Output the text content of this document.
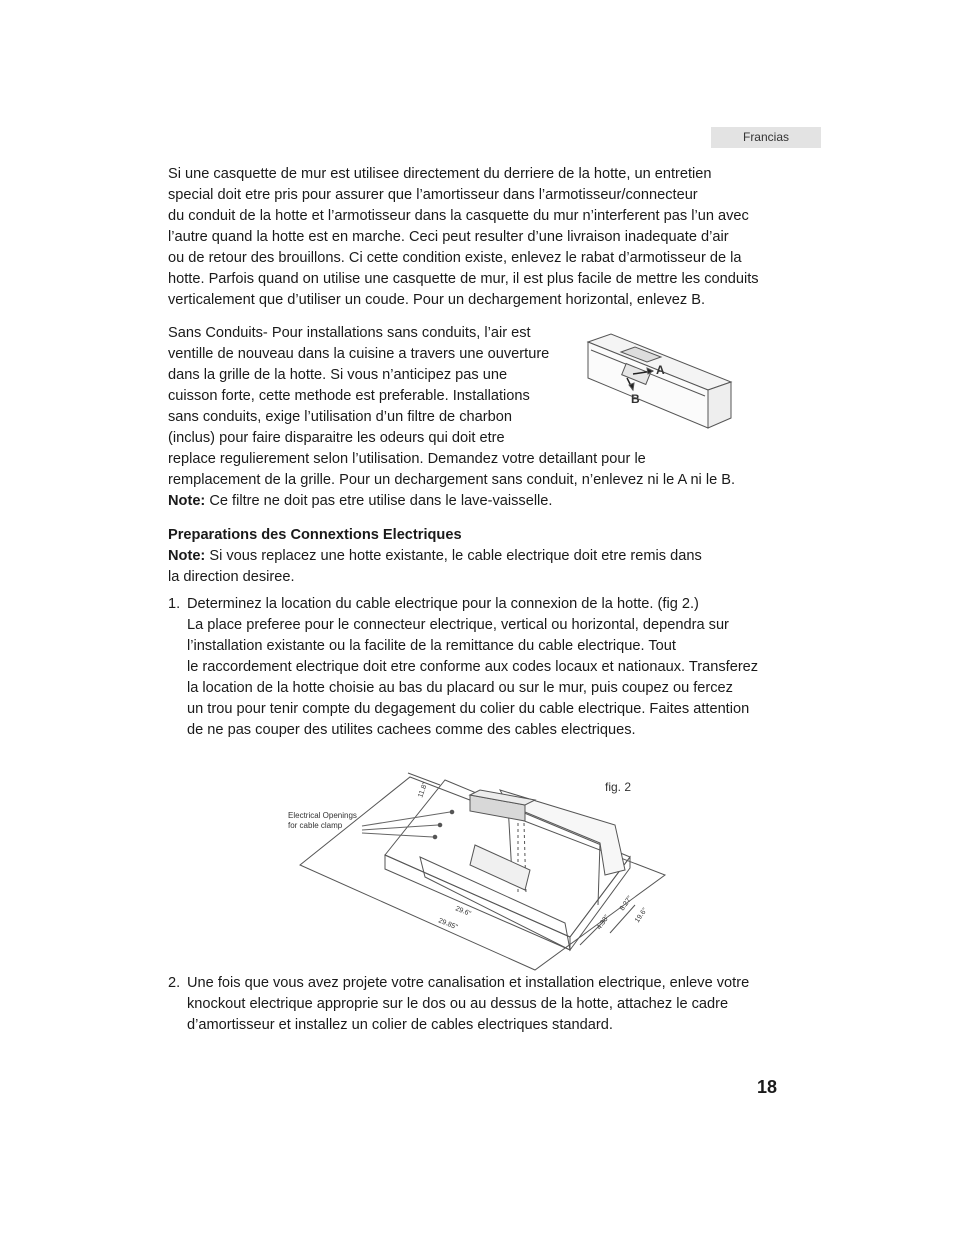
Francias
Si une casquette de mur est utilisee directement du derriere de la hotte, un entretien
special doit etre pris pour assurer que l’amortisseur dans l’armotisseur/connecteur
du conduit de la hotte et l’armotisseur dans la casquette du mur n’interferent pas l’un avec
l’autre quand la hotte est en marche. Ceci peut resulter d’une livraison inadequate d’air
ou de retour des brouillons. Ci cette condition existe, enlevez le rabat d’armotisseur de la
hotte. Parfois quand on utilise une casquette de mur, il est plus facile de mettre les conduits
verticalement que d’utiliser un coude. Pour un dechargement horizontal, enlevez B.
Sans Conduits- Pour installations sans conduits, l’air est
ventille de nouveau dans la cuisine a travers une ouverture
dans la grille de la hotte. Si vous n’anticipez pas une
cuisson forte, cette methode est preferable. Installations
sans conduits, exige l’utilisation d’un filtre de charbon
(inclus) pour faire disparaitre les odeurs qui doit etre
replace regulierement selon l’utilisation. Demandez votre detaillant pour le
remplacement de la grille. Pour un dechargement sans conduit, n’enlevez ni le A ni le B.
Note: Ce filtre ne doit pas etre utilise dans le lave-vaisselle.
A
B
Preparations des Connextions Electriques
Note: Si vous replacez une hotte existante, le cable electrique doit etre remis dans
la direction desiree.
1. Determinez la location du cable electrique pour la connexion de la hotte. (fig 2.)
La place preferee pour le connecteur electrique, vertical ou horizontal, dependra sur
l’installation existante ou la facilite de la remittance du cable electrique. Tout
le raccordement electrique doit etre conforme aux codes locaux et nationaux. Transferez
la location de la hotte choisie au bas du placard ou sur le mur, puis coupez ou fercez
un trou pour tenir compte du degagement du colier du cable electrique. Faites attention
de ne pas couper des utilites cachees comme des cables electriques.
fig. 2
Electrical Openings
for cable clamp
11.8"
29.6"
29.85"	4.33"
8.27"
19.6"
2. Une fois que vous avez projete votre canalisation et installation electrique, enleve votre
knockout electrique approprie sur le dos ou au dessus de la hotte, attachez le cadre
d’amortisseur et installez un colier de cables electriques standard.
18
